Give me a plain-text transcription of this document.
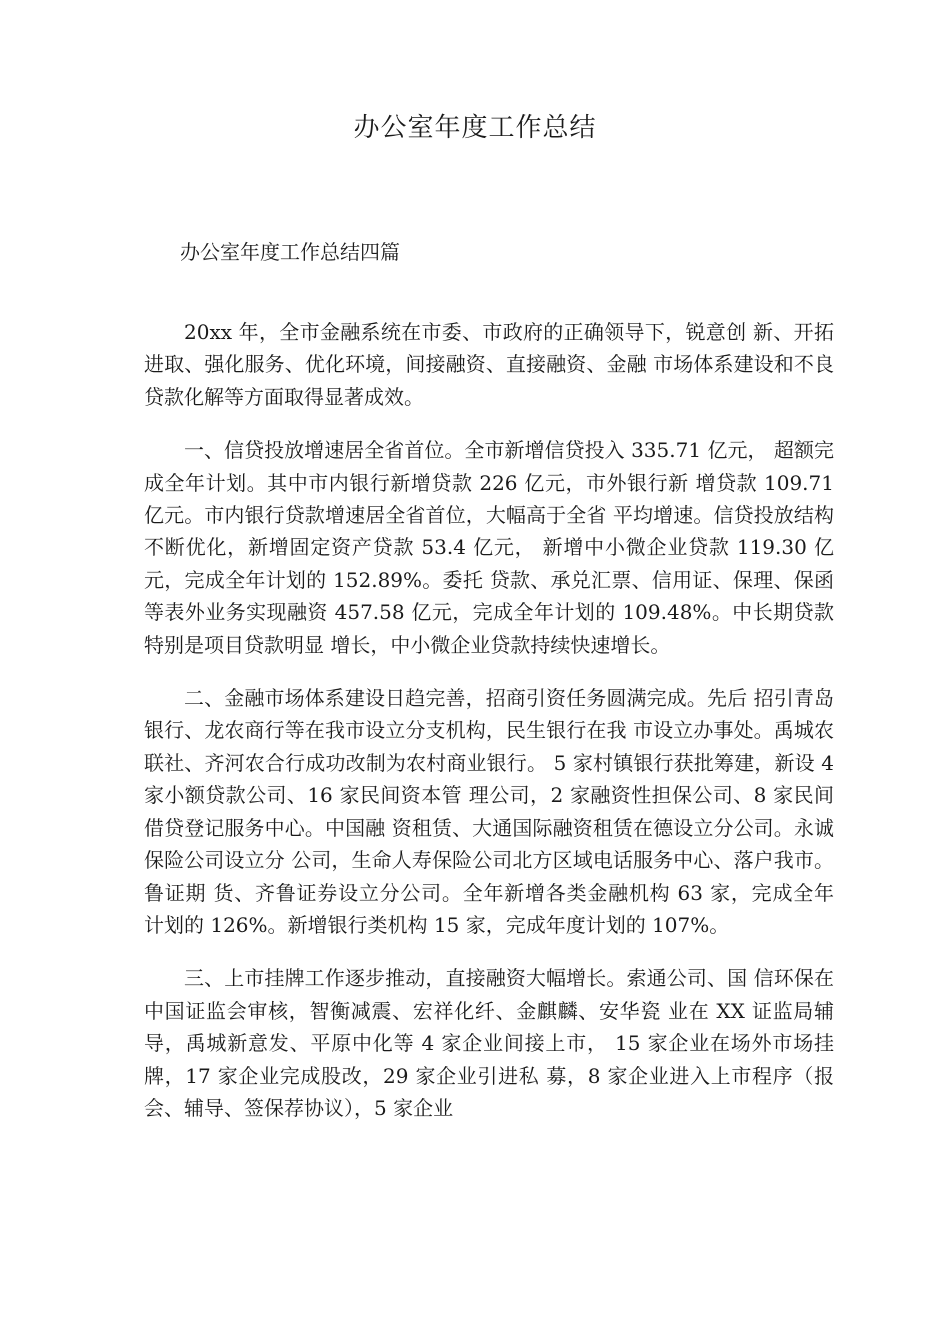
办公室年度工作总结
办公室年度工作总结四篇

20xx 年，全市金融系统在市委、市政府的正确领导下，锐意创 新、开拓进取、强化服务、优化环境，间接融资、直接融资、金融 市场体系建设和不良贷款化解等方面取得显著成效。

一、信贷投放增速居全省首位。全市新增信贷投入 335.71 亿元， 超额完成全年计划。其中市内银行新增贷款 226 亿元，市外银行新 增贷款 109.71 亿元。市内银行贷款增速居全省首位，大幅高于全省 平均增速。信贷投放结构不断优化，新增固定资产贷款 53.4 亿元， 新增中小微企业贷款 119.30 亿元，完成全年计划的 152.89%。委托 贷款、承兑汇票、信用证、保理、保函等表外业务实现融资 457.58 亿元，完成全年计划的 109.48%。中长期贷款特别是项目贷款明显 增长，中小微企业贷款持续快速增长。

二、金融市场体系建设日趋完善，招商引资任务圆满完成。先后 招引青岛银行、龙农商行等在我市设立分支机构，民生银行在我 市设立办事处。禹城农联社、齐河农合行成功改制为农村商业银行。 5 家村镇银行获批筹建，新设 4 家小额贷款公司、16 家民间资本管 理公司，2 家融资性担保公司、8 家民间借贷登记服务中心。中国融 资租赁、大通国际融资租赁在德设立分公司。永诚保险公司设立分 公司，生命人寿保险公司北方区域电话服务中心、落户我市。鲁证期 货、齐鲁证券设立分公司。全年新增各类金融机构 63 家，完成全年 计划的 126%。新增银行类机构 15 家，完成年度计划的 107%。

三、上市挂牌工作逐步推动，直接融资大幅增长。索通公司、国 信环保在中国证监会审核，智衡减震、宏祥化纤、金麒麟、安华瓷 业在 XX 证监局辅导，禹城新意发、平原中化等 4 家企业间接上市， 15 家企业在场外市场挂牌，17 家企业完成股改，29 家企业引进私 募，8 家企业进入上市程序（报会、辅导、签保荐协议），5 家企业
